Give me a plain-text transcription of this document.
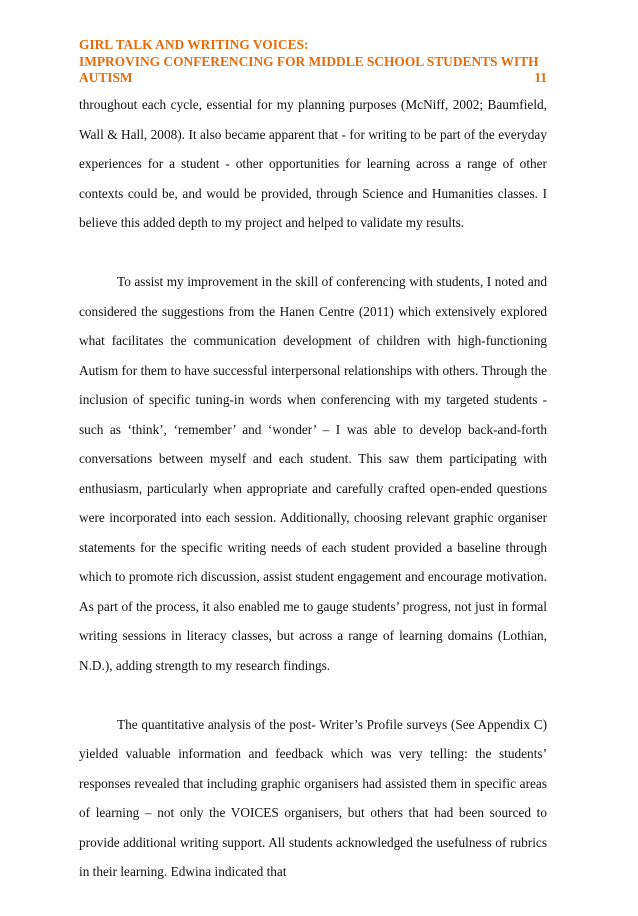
GIRL TALK AND WRITING VOICES:
IMPROVING CONFERENCING FOR MIDDLE SCHOOL STUDENTS WITH
AUTISM	11

throughout each cycle, essential for my planning purposes (McNiff, 2002; Baumfield, Wall & Hall, 2008). It also became apparent that - for writing to be part of the everyday experiences for a student - other opportunities for learning across a range of other contexts could be, and would be provided, through Science and Humanities classes. I believe this added depth to my project and helped to validate my results.

To assist my improvement in the skill of conferencing with students, I noted and considered the suggestions from the Hanen Centre (2011) which extensively explored what facilitates the communication development of children with high-functioning Autism for them to have successful interpersonal relationships with others. Through the inclusion of specific tuning-in words when conferencing with my targeted students - such as ‘think’, ‘remember’ and ‘wonder’ – I was able to develop back-and-forth conversations between myself and each student. This saw them participating with enthusiasm, particularly when appropriate and carefully crafted open-ended questions were incorporated into each session. Additionally, choosing relevant graphic organiser statements for the specific writing needs of each student provided a baseline through which to promote rich discussion, assist student engagement and encourage motivation. As part of the process, it also enabled me to gauge students’ progress, not just in formal writing sessions in literacy classes, but across a range of learning domains (Lothian, N.D.), adding strength to my research findings.

The quantitative analysis of the post- Writer’s Profile surveys (See Appendix C) yielded valuable information and feedback which was very telling: the students’ responses revealed that including graphic organisers had assisted them in specific areas of learning – not only the VOICES organisers, but others that had been sourced to provide additional writing support. All students acknowledged the usefulness of rubrics in their learning. Edwina indicated that
